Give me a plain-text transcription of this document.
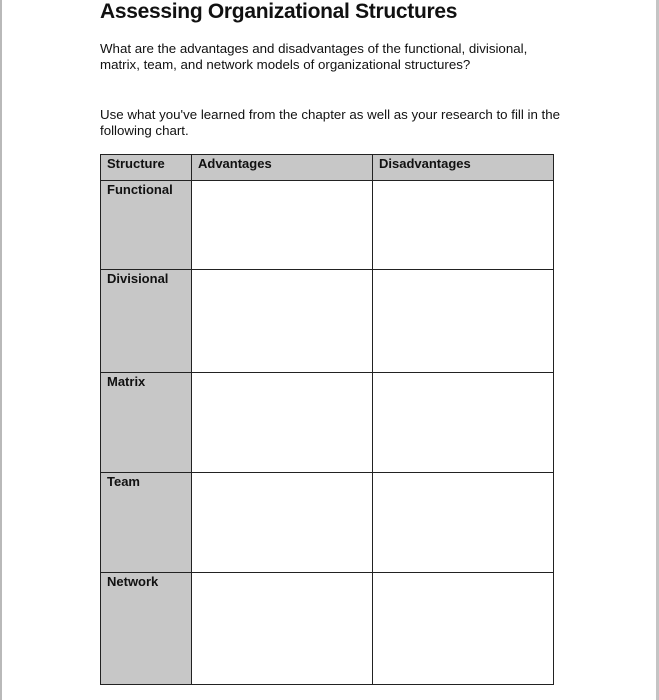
Assessing Organizational Structures

What are the advantages and disadvantages of the functional, divisional, matrix, team, and network models of organizational structures?

Use what you've learned from the chapter as well as your research to fill in the following chart.

Structure	Advantages	Disadvantages
Functional		
Divisional		
Matrix		
Team		
Network		
